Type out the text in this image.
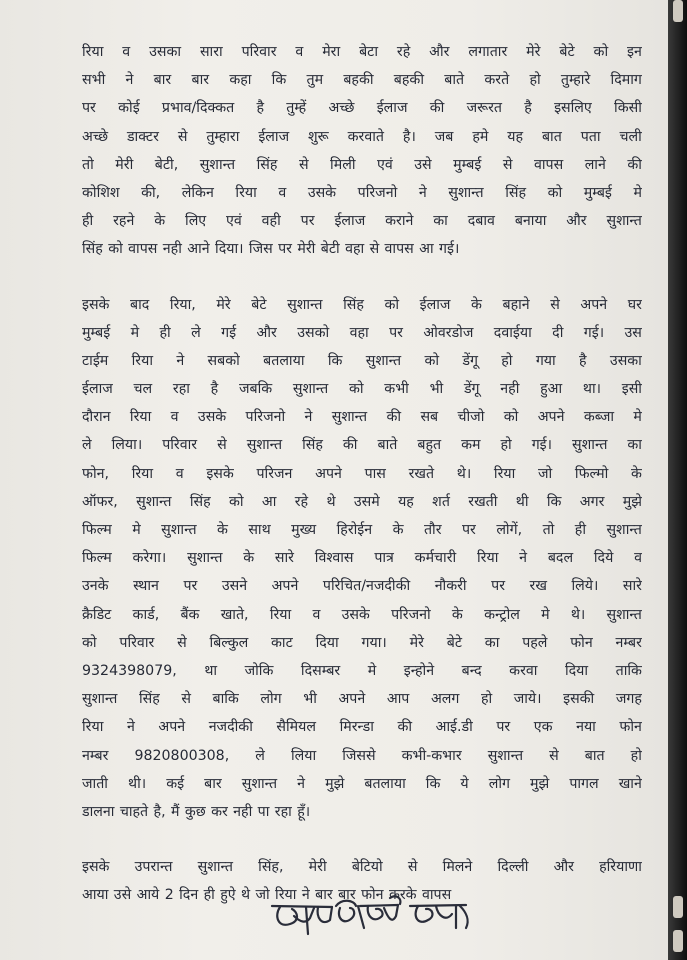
रिया व उसका सारा परिवार व मेरा बेटा रहे और लगातार मेरे बेटे को इन
सभी ने बार बार कहा कि तुम बहकी बहकी बाते करते हो तुम्हारे दिमाग
पर कोई प्रभाव/दिक्कत है तुम्हें अच्छे ईलाज की जरूरत है इसलिए किसी
अच्छे डाक्टर से तुम्हारा ईलाज शुरू करवाते है। जब हमे यह बात पता चली
तो मेरी बेटी, सुशान्त सिंह से मिली एवं उसे मुम्बई से वापस लाने की
कोशिश की, लेकिन रिया व उसके परिजनो ने सुशान्त सिंह को मुम्बई मे
ही रहने के लिए एवं वही पर ईलाज कराने का दबाव बनाया और सुशान्त
सिंह को वापस नही आने दिया। जिस पर मेरी बेटी वहा से वापस आ गई।
इसके बाद रिया, मेरे बेटे सुशान्त सिंह को ईलाज के बहाने से अपने घर
मुम्बई मे ही ले गई और उसको वहा पर ओवरडोज दवाईया दी गई। उस
टाईम रिया ने सबको बतलाया कि सुशान्त को डेंगू हो गया है उसका
ईलाज चल रहा है जबकि सुशान्त को कभी भी डेंगू नही हुआ था। इसी
दौरान रिया व उसके परिजनो ने सुशान्त की सब चीजो को अपने कब्जा मे
ले लिया। परिवार से सुशान्त सिंह की बाते बहुत कम हो गई। सुशान्त का
फोन, रिया व इसके परिजन अपने पास रखते थे। रिया जो फिल्मो के
ऑफर, सुशान्त सिंह को आ रहे थे उसमे यह शर्त रखती थी कि अगर मुझे
फिल्म मे सुशान्त के साथ मुख्य हिरोईन के तौर पर लोगें, तो ही सुशान्त
फिल्म करेगा। सुशान्त के सारे विश्वास पात्र कर्मचारी रिया ने बदल दिये व
उनके स्थान पर उसने अपने परिचित/नजदीकी नौकरी पर रख लिये। सारे
क्रैडिट कार्ड, बैंक खाते, रिया व उसके परिजनो के कन्ट्रोल मे थे। सुशान्त
को परिवार से बिल्कुल काट दिया गया। मेरे बेटे का पहले फोन नम्बर
9324398079, था जोकि दिसम्बर मे इन्होने बन्द करवा दिया ताकि
सुशान्त सिंह से बाकि लोग भी अपने आप अलग हो जाये। इसकी जगह
रिया ने अपने नजदीकी सैमियल मिरन्डा की आई.डी पर एक नया फोन
नम्बर 9820800308, ले लिया जिससे कभी-कभार सुशान्त से बात हो
जाती थी। कई बार सुशान्त ने मुझे बतलाया कि ये लोग मुझे पागल खाने
डालना चाहते है, मैं कुछ कर नही पा रहा हूँ।
इसके उपरान्त सुशान्त सिंह, मेरी बेटियो से मिलने दिल्ली और हरियाणा
आया उसे आये 2 दिन ही हुऐ थे जो रिया ने बार बार फोन करके वापस
